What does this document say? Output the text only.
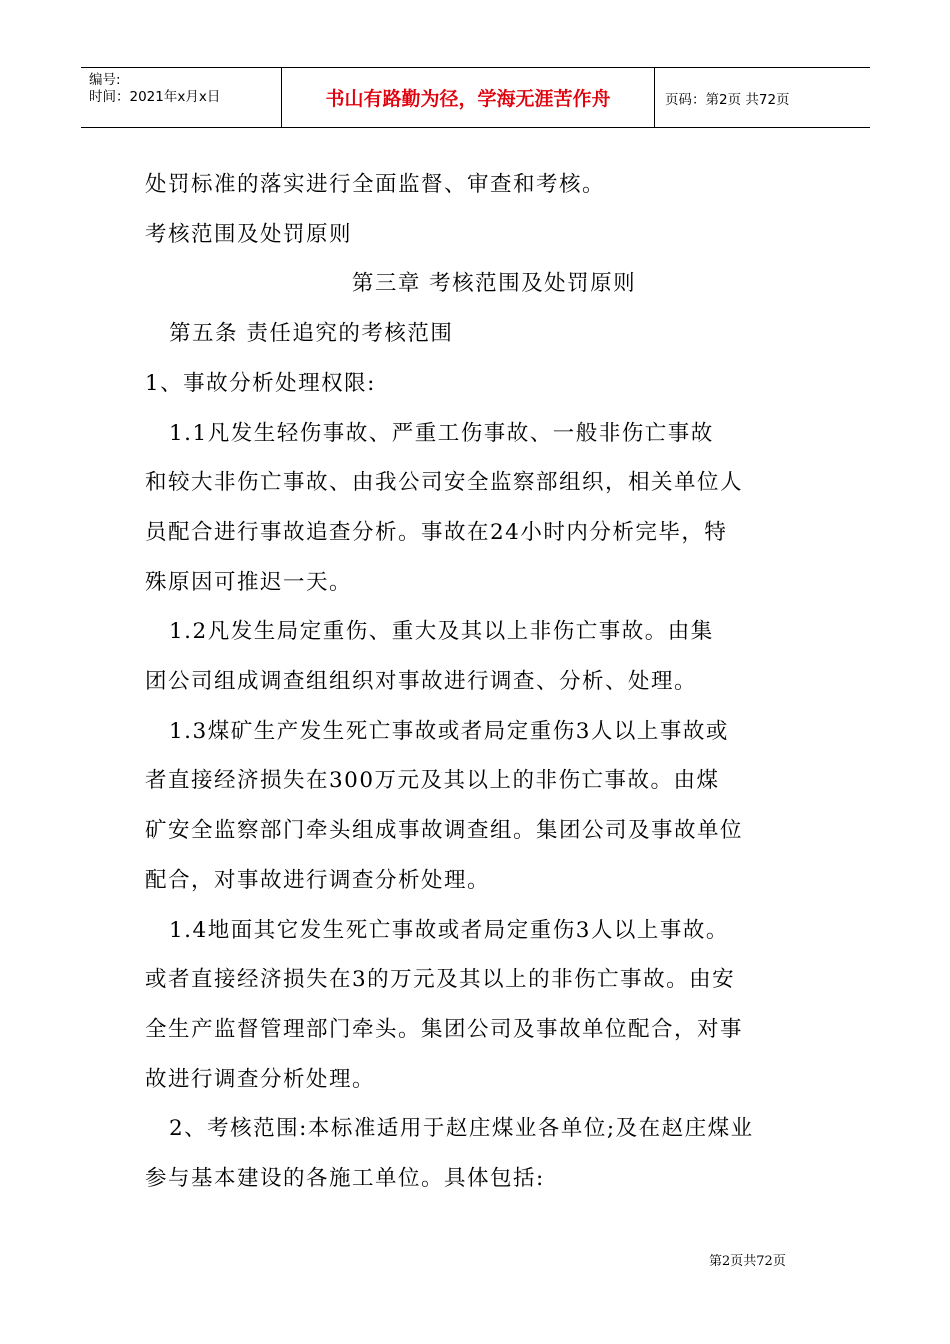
编号:
时间：2021年x月x日	书山有路勤为径，学海无涯苦作舟	页码：第2页 共72页

处罚标准的落实进行全面监督、审查和考核。

考核范围及处罚原则

第三章 考核范围及处罚原则

第五条 责任追究的考核范围

1、事故分析处理权限:

1.1凡发生轻伤事故、严重工伤事故、一般非伤亡事故

和较大非伤亡事故、由我公司安全监察部组织，相关单位人

员配合进行事故追查分析。事故在24小时内分析完毕，特

殊原因可推迟一天。

1.2凡发生局定重伤、重大及其以上非伤亡事故。由集

团公司组成调查组组织对事故进行调查、分析、处理。

1.3煤矿生产发生死亡事故或者局定重伤3人以上事故或

者直接经济损失在300万元及其以上的非伤亡事故。由煤

矿安全监察部门牵头组成事故调查组。集团公司及事故单位

配合，对事故进行调查分析处理。

1.4地面其它发生死亡事故或者局定重伤3人以上事故。

或者直接经济损失在3的万元及其以上的非伤亡事故。由安

全生产监督管理部门牵头。集团公司及事故单位配合，对事

故进行调查分析处理。

2、考核范围:本标准适用于赵庄煤业各单位;及在赵庄煤业

参与基本建设的各施工单位。具体包括:

第2页共72页
